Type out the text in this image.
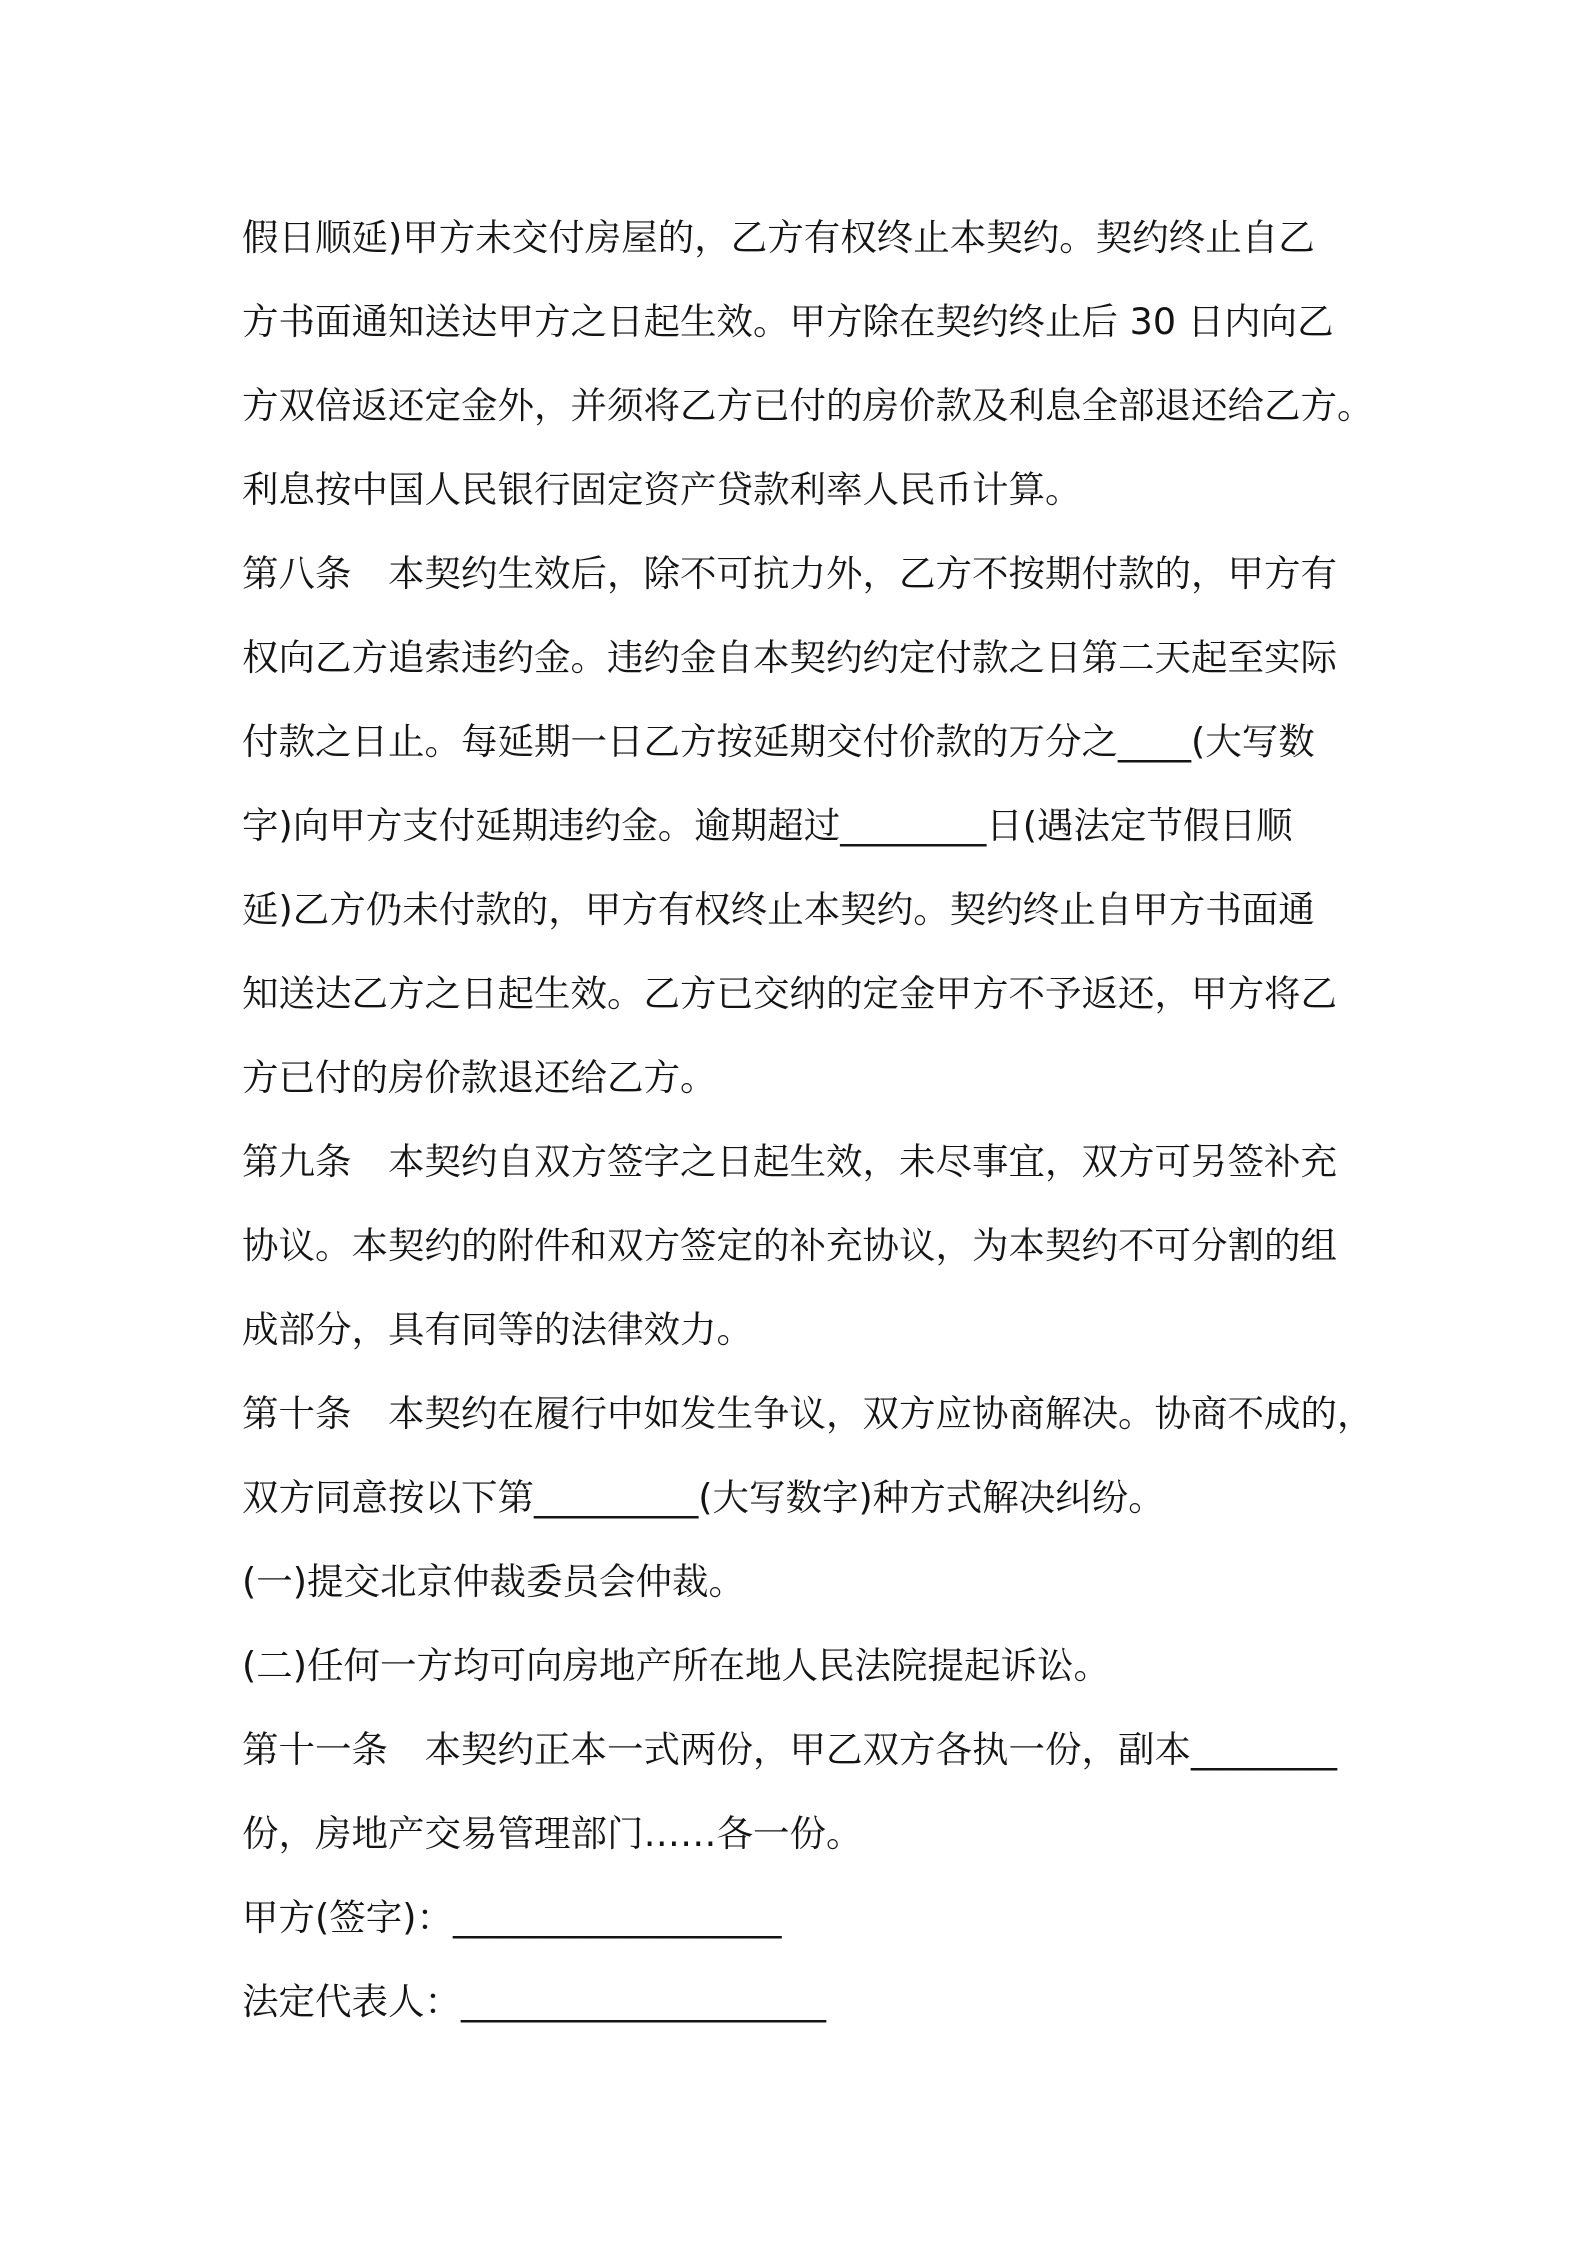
假日顺延)甲方未交付房屋的，乙方有权终止本契约。契约终止自乙

方书面通知送达甲方之日起生效。甲方除在契约终止后 30 日内向乙

方双倍返还定金外，并须将乙方已付的房价款及利息全部退还给乙方。

利息按中国人民银行固定资产贷款利率人民币计算。

第八条　本契约生效后，除不可抗力外，乙方不按期付款的，甲方有

权向乙方追索违约金。违约金自本契约约定付款之日第二天起至实际

付款之日止。每延期一日乙方按延期交付价款的万分之____(大写数

字)向甲方支付延期违约金。逾期超过________日(遇法定节假日顺

延)乙方仍未付款的，甲方有权终止本契约。契约终止自甲方书面通

知送达乙方之日起生效。乙方已交纳的定金甲方不予返还，甲方将乙

方已付的房价款退还给乙方。

第九条　本契约自双方签字之日起生效，未尽事宜，双方可另签补充

协议。本契约的附件和双方签定的补充协议，为本契约不可分割的组

成部分，具有同等的法律效力。

第十条　本契约在履行中如发生争议，双方应协商解决。协商不成的，

双方同意按以下第_________(大写数字)种方式解决纠纷。

(一)提交北京仲裁委员会仲裁。

(二)任何一方均可向房地产所在地人民法院提起诉讼。

第十一条　本契约正本一式两份，甲乙双方各执一份，副本________

份，房地产交易管理部门……各一份。

甲方(签字)：__________________

法定代表人：____________________
